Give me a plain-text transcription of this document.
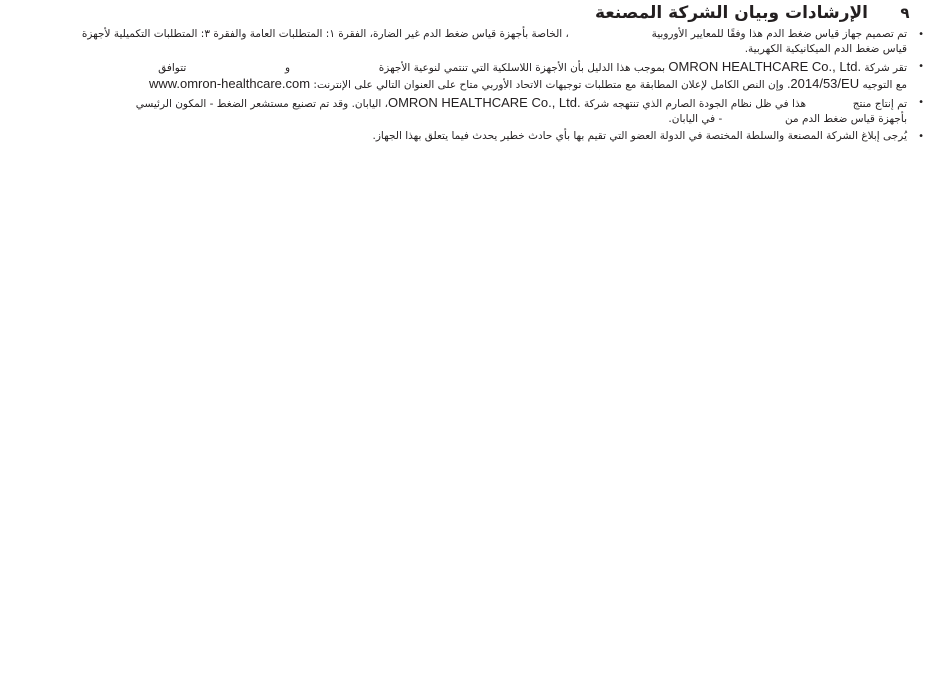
٩
الإرشادات وبيان الشركة المصنعة
•
تم تصميم جهاز قياس ضغط الدم هذا وفقًا للمعايير الأوروبية  ، الخاصة بأجهزة قياس ضغط الدم غير الضارة، الفقرة ١: المتطلبات العامة والفقرة ٣: المتطلبات التكميلية لأجهزة
قياس ضغط الدم الميكانيكية الكهربية.
•
تقر شركة OMRON HEALTHCARE Co., Ltd. بموجب هذا الدليل بأن الأجهزة اللاسلكية التي تنتمي لنوعية الأجهزة  و  تتوافق
مع التوجيه 2014/53/EU. وإن النص الكامل لإعلان المطابقة مع متطلبات توجيهات الاتحاد الأوربي متاح على العنوان التالي على الإنترنت: www.omron-healthcare.com
•
تم إنتاج منتج  هذا في ظل نظام الجودة الصارم الذي تنتهجه شركة OMRON HEALTHCARE Co., Ltd.، اليابان. وقد تم تصنيع مستشعر الضغط - المكون الرئيسي
بأجهزة قياس ضغط الدم من  - في اليابان.
•
يُرجى إبلاغ الشركة المصنعة والسلطة المختصة في الدولة العضو التي تقيم بها بأي حادث خطير يحدث فيما يتعلق بهذا الجهاز.
